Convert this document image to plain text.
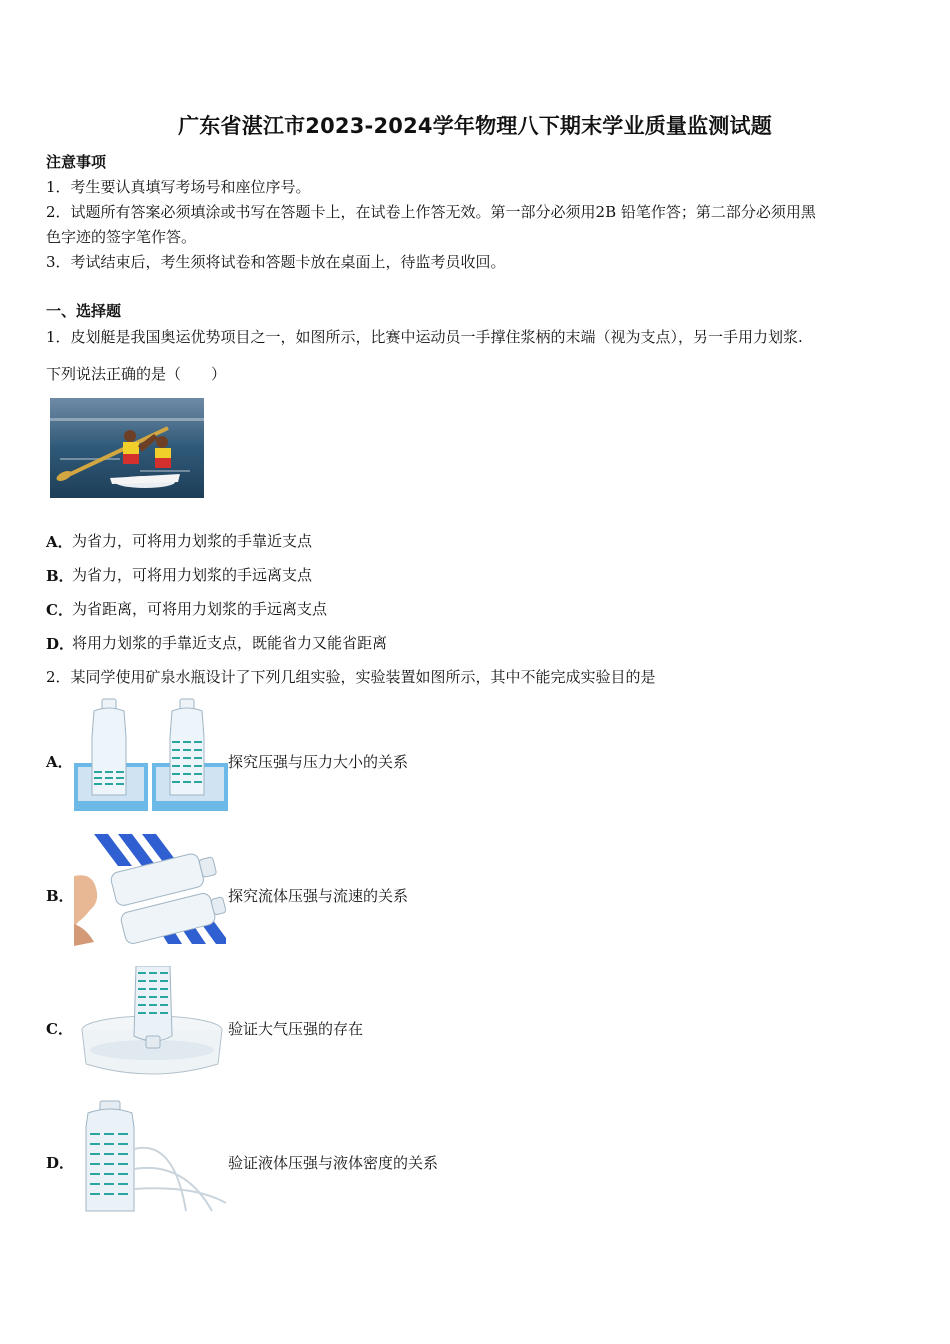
广东省湛江市2023-2024学年物理八下期末学业质量监测试题
注意事项
1．考生要认真填写考场号和座位序号。
2．试题所有答案必须填涂或书写在答题卡上，在试卷上作答无效。第一部分必须用2B 铅笔作答；第二部分必须用黑
色字迹的签字笔作答。
3．考试结束后，考生须将试卷和答题卡放在桌面上，待监考员收回。
一、选择题
1．皮划艇是我国奥运优势项目之一，如图所示，比赛中运动员一手撑住浆柄的末端（视为支点），另一手用力划浆.
下列说法正确的是（　　）
A． 为省力，可将用力划浆的手靠近支点
B．
为省力，可将用力划浆的手远离支点
C． 为省距离，可将用力划浆的手远离支点
D．
将用力划浆的手靠近支点，既能省力又能省距离
2．某同学使用矿泉水瓶设计了下列几组实验，实验装置如图所示，其中不能完成实验目的是
A．	探究压强与压力大小的关系
B．	探究流体压强与流速的关系
C．	验证大气压强的存在
D．	验证液体压强与液体密度的关系
